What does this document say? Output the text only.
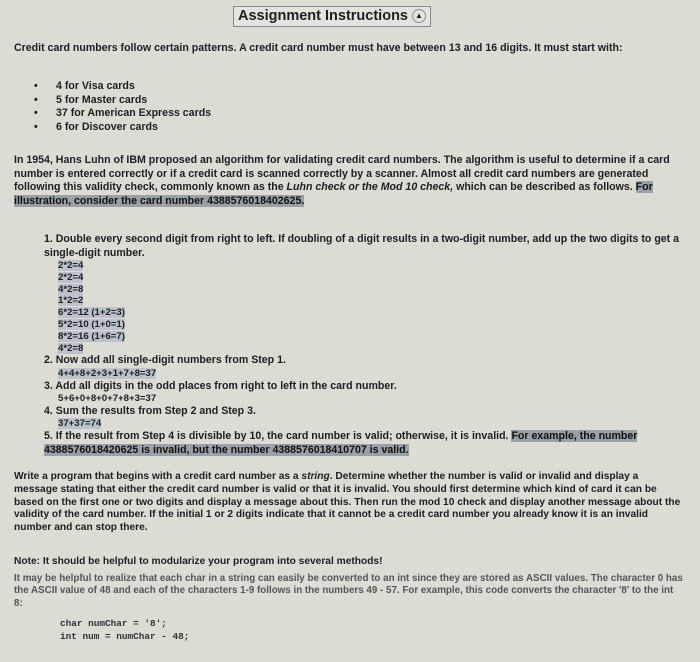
Assignment Instructions ▲
Credit card numbers follow certain patterns. A credit card number must have between 13 and 16 digits. It must start with:
• 4 for Visa cards
• 5 for Master cards
• 37 for American Express cards
• 6 for Discover cards
In 1954, Hans Luhn of IBM proposed an algorithm for validating credit card numbers. The algorithm is useful to determine if a card number is entered correctly or if a credit card is scanned correctly by a scanner. Almost all credit card numbers are generated following this validity check, commonly known as the Luhn check or the Mod 10 check, which can be described as follows. For illustration, consider the card number 4388576018402625.
1. Double every second digit from right to left. If doubling of a digit results in a two-digit number, add up the two digits to get a single-digit number.
2*2=4
2*2=4
4*2=8
1*2=2
6*2=12 (1+2=3)
5*2=10 (1+0=1)
8*2=16 (1+6=7)
4*2=8
2. Now add all single-digit numbers from Step 1.
4+4+8+2+3+1+7+8=37
3. Add all digits in the odd places from right to left in the card number.
5+6+0+8+0+7+8+3=37
4. Sum the results from Step 2 and Step 3.
37+37=74
5. If the result from Step 4 is divisible by 10, the card number is valid; otherwise, it is invalid. For example, the number 4388576018420625 is invalid, but the number 4388576018410707 is valid.
Write a program that begins with a credit card number as a string. Determine whether the number is valid or invalid and display a message stating that either the credit card number is valid or that it is invalid. You should first determine which kind of card it can be based on the first one or two digits and display a message about this. Then run the mod 10 check and display another message about the validity of the card number. If the initial 1 or 2 digits indicate that it cannot be a credit card number you already know it is an invalid number and can stop there.
Note: It should be helpful to modularize your program into several methods!
It may be helpful to realize that each char in a string can easily be converted to an int since they are stored as ASCII values. The character 0 has the ASCII value of 48 and each of the characters 1-9 follows in the numbers 49 - 57. For example, this code converts the character '8' to the int 8:
char numChar = '8';
int num = numChar - 48;
